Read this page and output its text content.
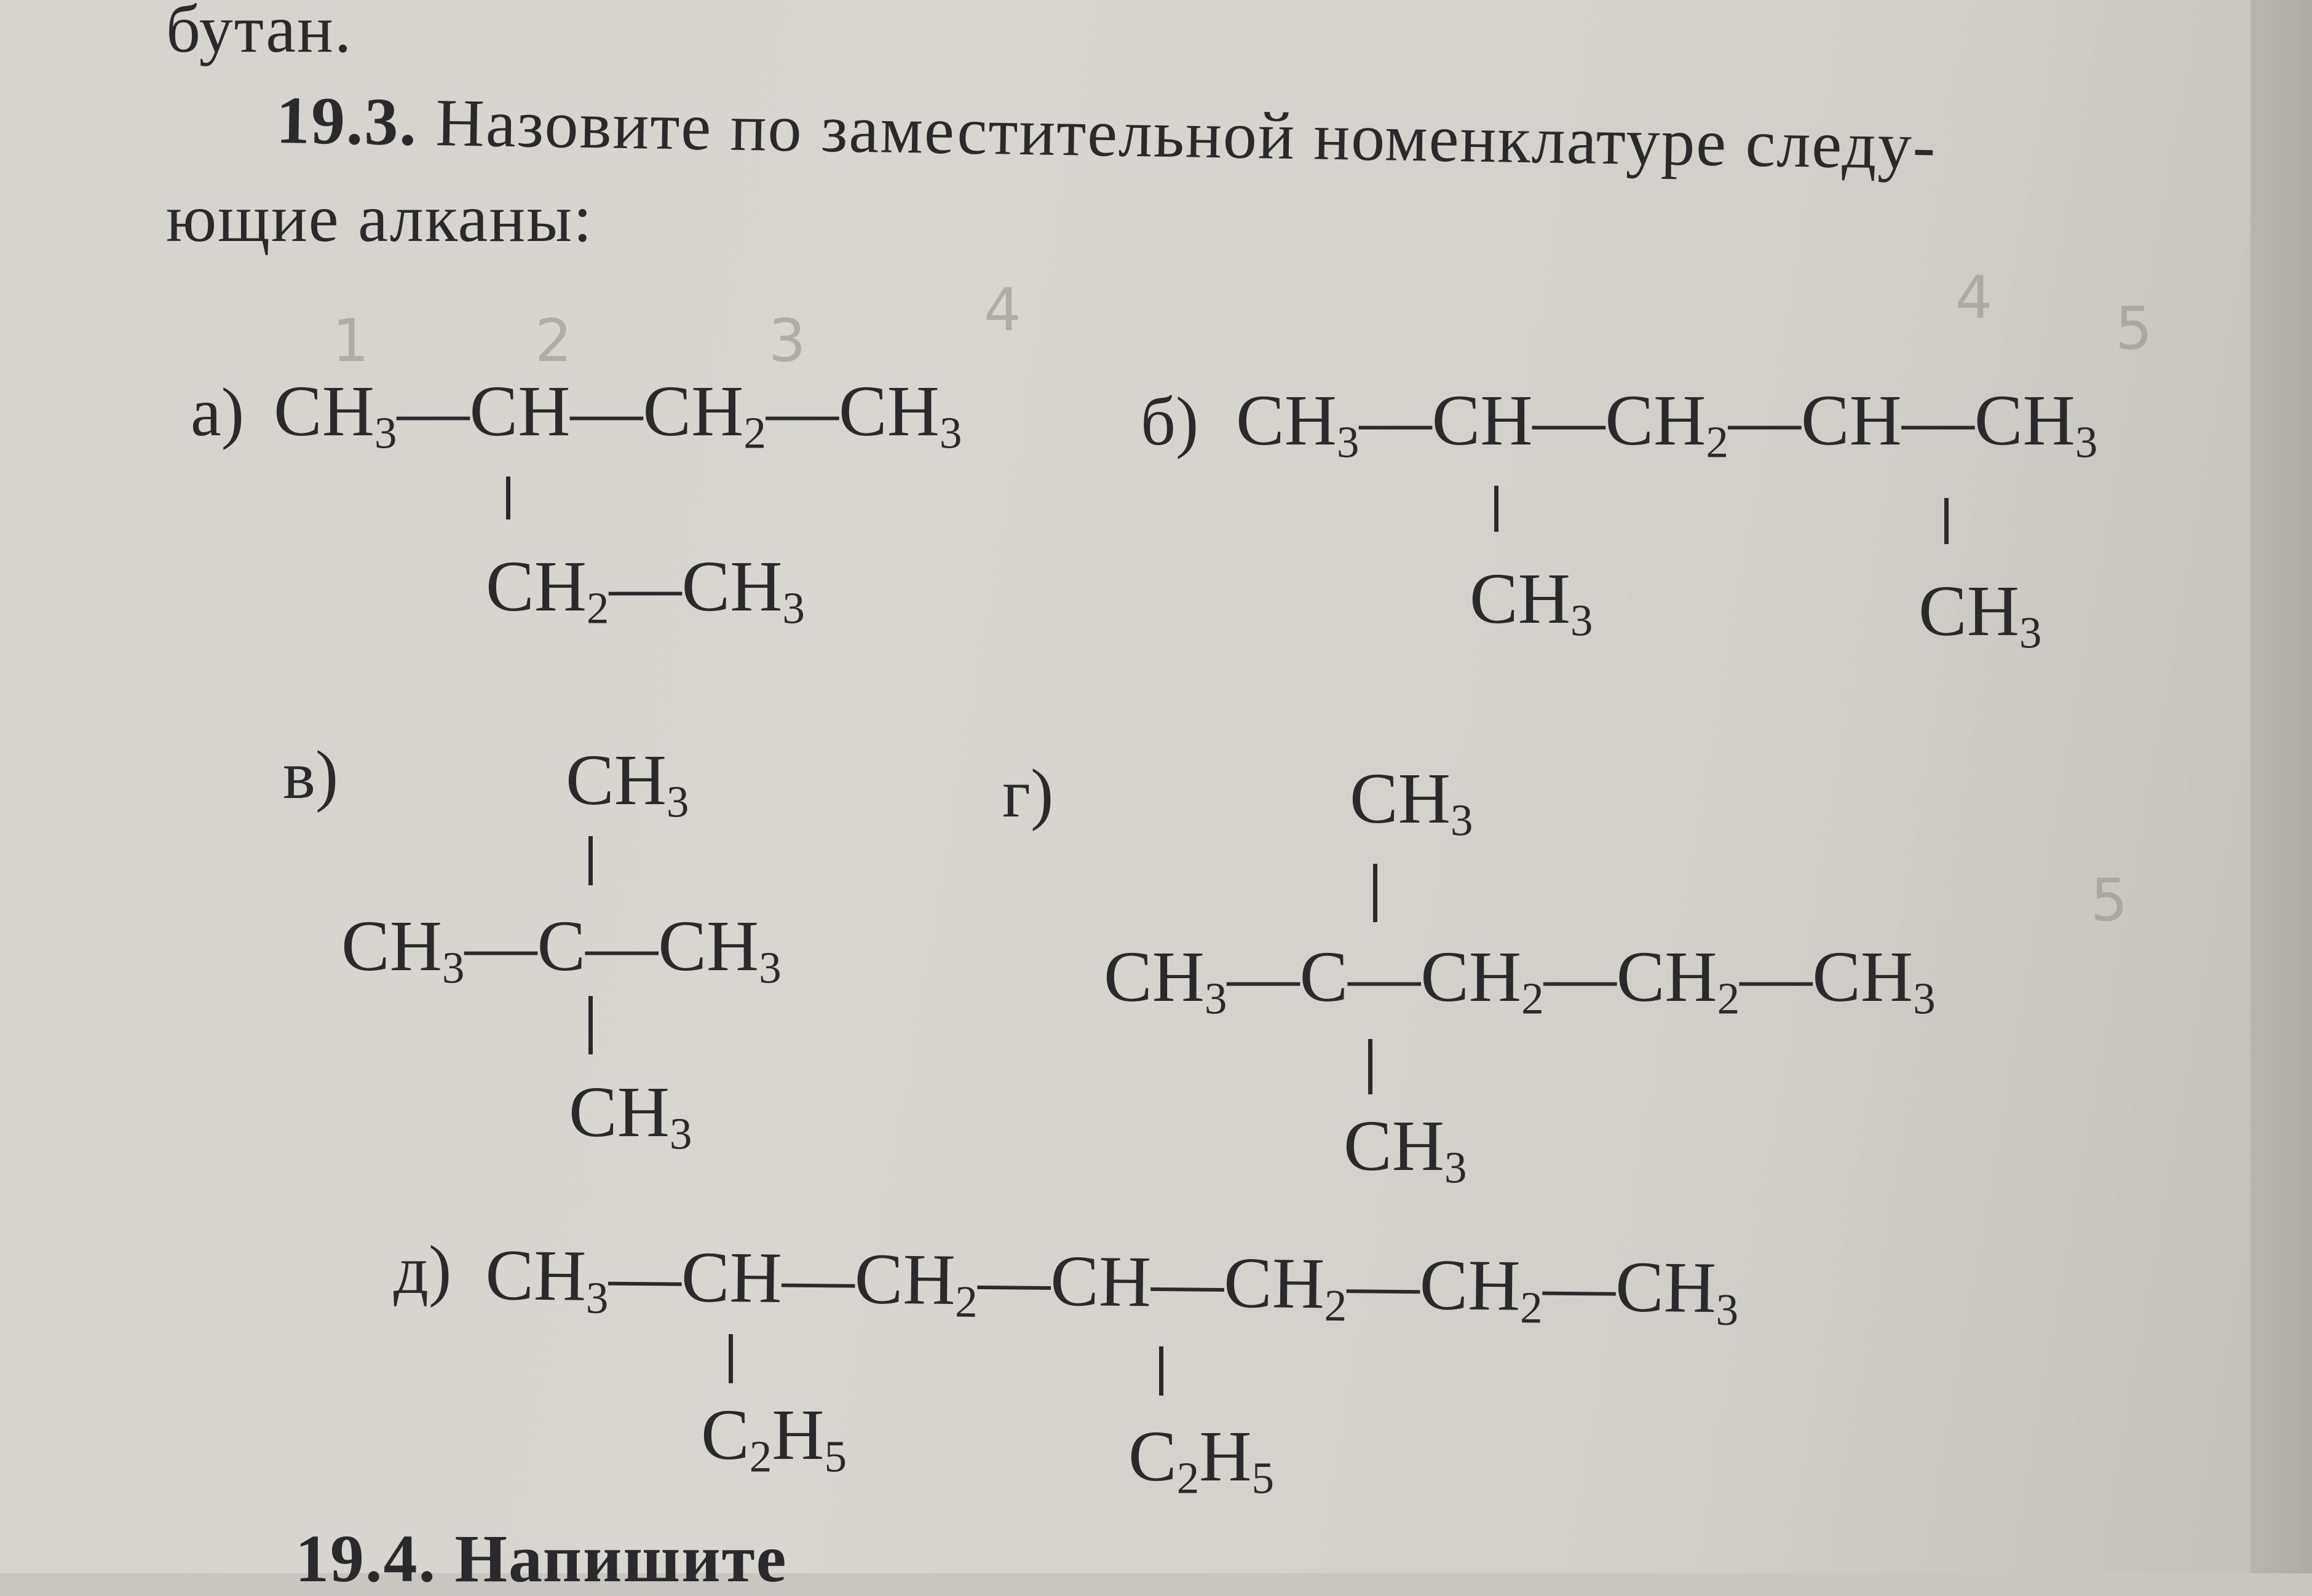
бутан.
19.3. Назовите по заместительной номенклатуре следу-
ющие алканы:
а) $CH_3—CH—CH_2—CH_3$
$CH_2—CH_3$
б) $CH_3—CH—CH_2—CH—CH_3$
$CH_3$	$CH_3$
в)	$CH_3$
$CH_3—C—CH_3$
$CH_3$
г)	$CH_3$
$CH_3—C—CH_2—CH_2—CH_3$
$CH_3$
д) $CH_3—CH—CH_2—CH—CH_2—CH_2—CH_3$
$C_2H_5$	$C_2H_5$
19.4. Напишите
1	2	3	4	4 5
5
